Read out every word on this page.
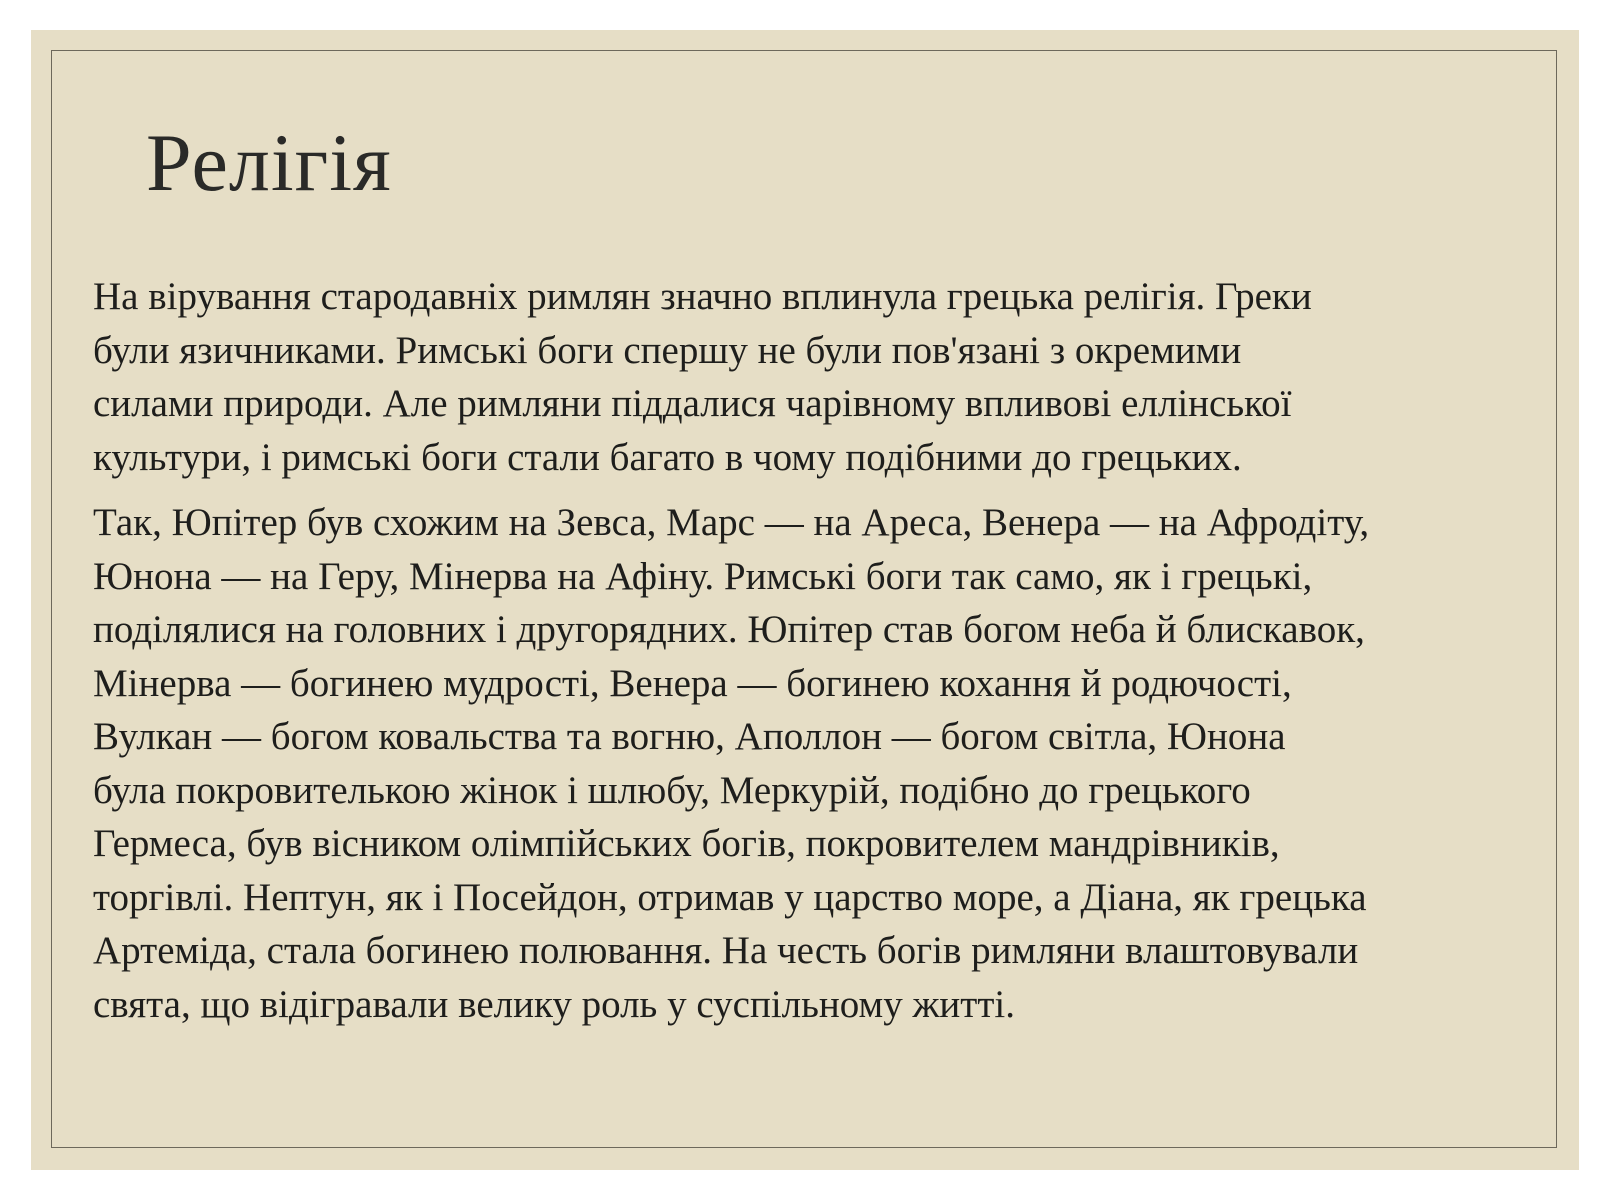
Релігія

На вірування стародавніх римлян значно вплинула грецька релігія. Греки
були язичниками. Римські боги спершу не були пов'язані з окремими
силами природи. Але римляни піддалися чарівному впливові еллінської
культури, і римські боги стали багато в чому подібними до грецьких.

Так, Юпітер був схожим на Зевса, Марс — на Ареса, Венера — на Афродіту,
Юнона — на Геру, Мінерва на Афіну. Римські боги так само, як і грецькі,
поділялися на головних і другорядних. Юпітер став богом неба й блискавок,
Мінерва — богинею мудрості, Венера — богинею кохання й родючості,
Вулкан — богом ковальства та вогню, Аполлон — богом світла, Юнона
була покровителькою жінок і шлюбу, Меркурій, подібно до грецького
Гермеса, був вісником олімпійських богів, покровителем мандрівників,
торгівлі. Нептун, як і Посейдон, отримав у царство море, а Діана, як грецька
Артеміда, стала богинею полювання. На честь богів римляни влаштовували
свята, що відігравали велику роль у суспільному житті.
